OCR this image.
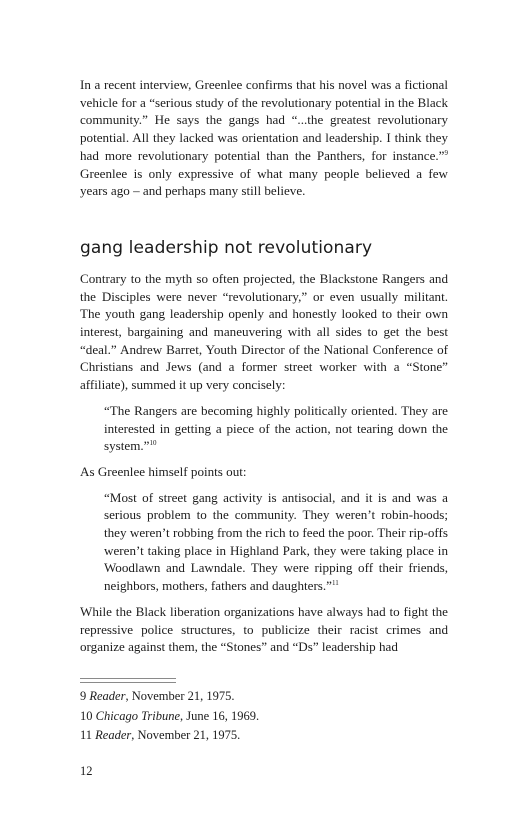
In a recent interview, Greenlee confirms that his novel was a fictional vehicle for a “serious study of the revolutionary potential in the Black community.” He says the gangs had “...the greatest revolutionary potential. All they lacked was orientation and leadership. I think they had more revolutionary potential than the Panthers, for instance.”$^9$ Greenlee is only expressive of what many people believed a few years ago – and perhaps many still believe.

gang leadership not revolutionary

Contrary to the myth so often projected, the Blackstone Rangers and the Disciples were never “revolutionary,” or even usually militant. The youth gang leadership openly and honestly looked to their own interest, bargaining and maneuvering with all sides to get the best “deal.” Andrew Barret, Youth Director of the National Conference of Christians and Jews (and a former street worker with a “Stone” affiliate), summed it up very concisely:

“The Rangers are becoming highly politically oriented. They are interested in getting a piece of the action, not tearing down the system.”$^{10}$

As Greenlee himself points out:

“Most of street gang activity is antisocial, and it is and was a serious problem to the community. They weren’t robin-hoods; they weren’t robbing from the rich to feed the poor. Their rip-offs weren’t taking place in Highland Park, they were taking place in Woodlawn and Lawndale. They were ripping off their friends, neighbors, mothers, fathers and daughters.”$^{11}$

While the Black liberation organizations have always had to fight the repressive police structures, to publicize their racist crimes and organize against them, the “Stones” and “Ds” leadership had

9 Reader, November 21, 1975.

10 Chicago Tribune, June 16, 1969.

11 Reader, November 21, 1975.

12
